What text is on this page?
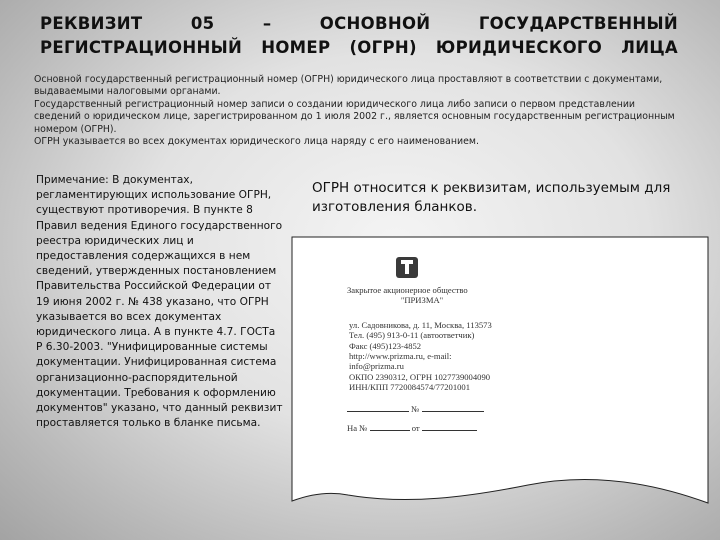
РЕКВИЗИТ 05 – ОСНОВНОЙ ГОСУДАРСТВЕННЫЙ
РЕГИСТРАЦИОННЫЙ НОМЕР (ОГРН) ЮРИДИЧЕСКОГО ЛИЦА

Основной государственный регистрационный номер (ОГРН) юридического лица проставляют в соответствии с документами, выдаваемыми налоговыми органами.

Государственный регистрационный номер записи о создании юридического лица либо записи о первом представлении сведений о юридическом лице, зарегистрированном до 1 июля 2002 г., является основным государственным регистрационным номером (ОГРН).

ОГРН указывается во всех документах юридического лица наряду с его наименованием.

Примечание: В документах, регламентирующих использование ОГРН, существуют противоречия. В пункте 8 Правил ведения Единого государственного реестра юридических лиц и предоставления содержащихся в нем сведений, утвержденных постановлением Правительства Российской Федерации от 19 июня 2002 г. № 438 указано, что ОГРН указывается во всех документах юридического лица. А в пункте 4.7. ГОСТа Р 6.30-2003. "Унифицированные системы документации. Унифицированная система организационно-распорядительной документации. Требования к оформлению документов" указано, что данный реквизит проставляется только в бланке письма.

ОГРН относится к реквизитам, используемым для изготовления бланков.

Закрытое акционерное общество
"ПРИЗМА"
ул. Садовникова, д. 11, Москва, 113573
Тел. (495) 913-0-11 (автоответчик)
Факс (495)123-4852
http://www.prizma.ru, e-mail: info@prizma.ru
ОКПО 2390312, ОГРН 1027739004090
ИНН/КПП 7720084574/77201001
№
На №	от
